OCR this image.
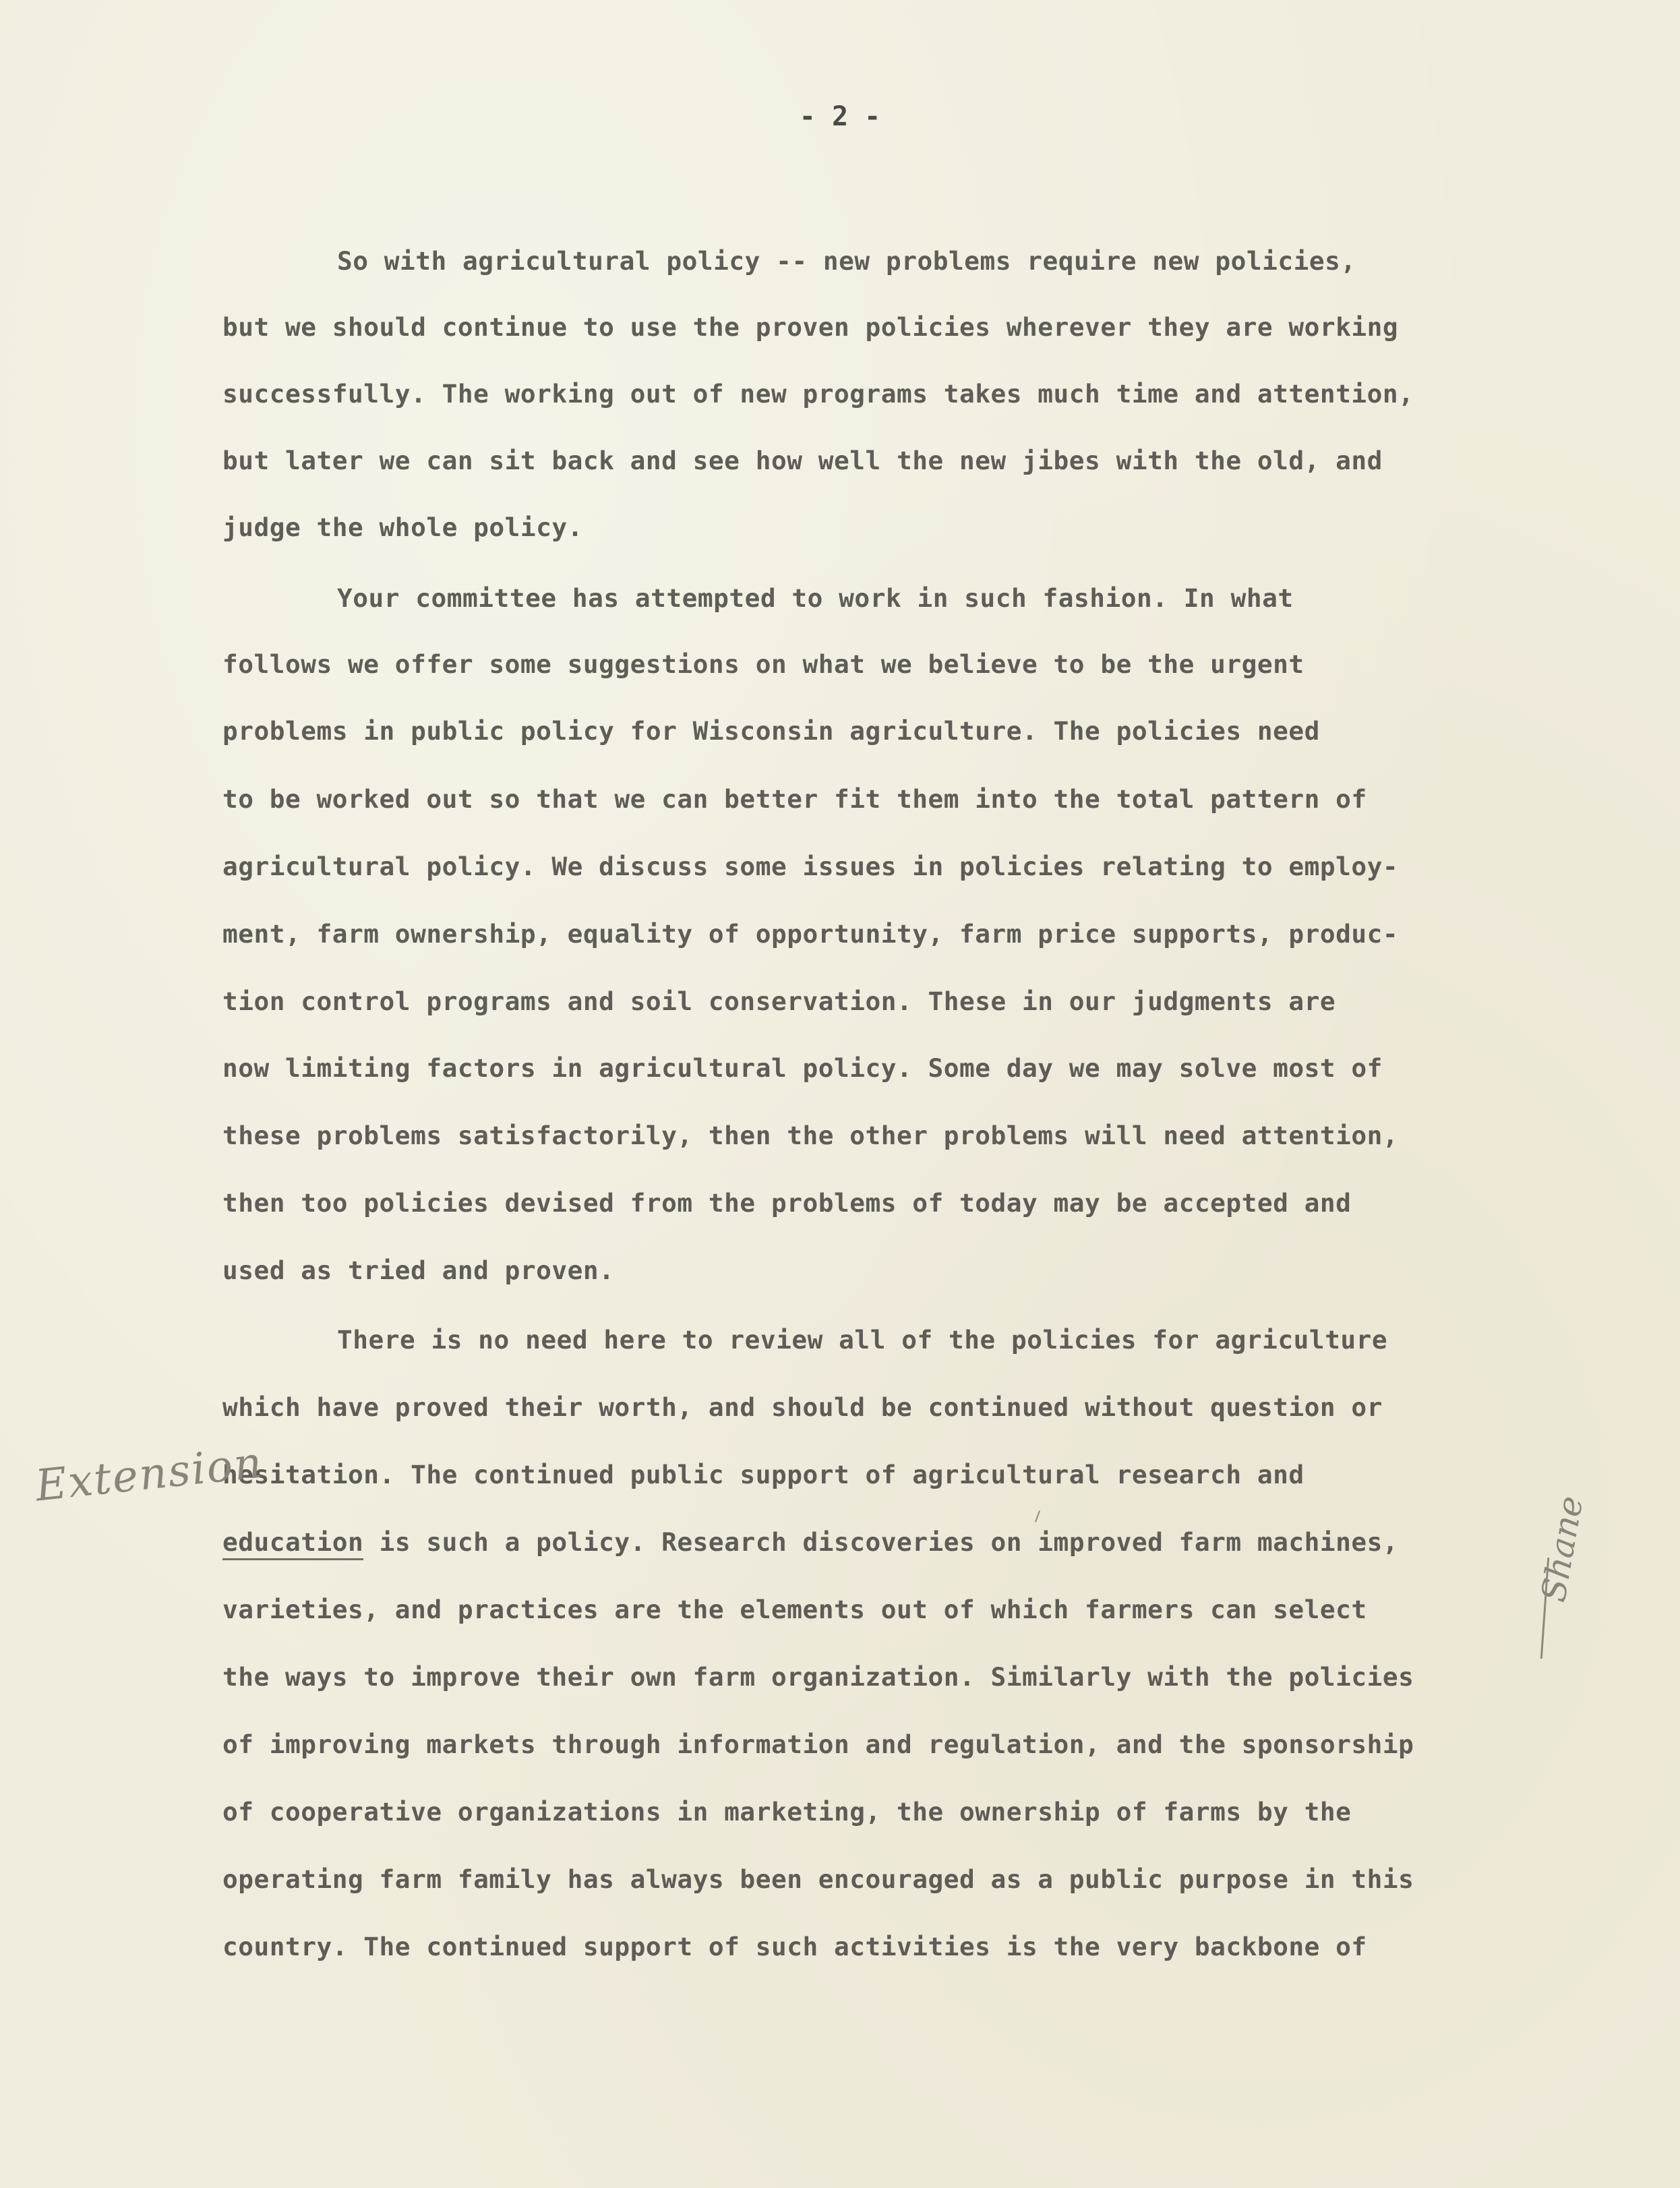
- 2 -
So with agricultural policy -- new problems require new policies,
but we should continue to use the proven policies wherever they are working
successfully. The working out of new programs takes much time and attention,
but later we can sit back and see how well the new jibes with the old, and
judge the whole policy.
Your committee has attempted to work in such fashion. In what
follows we offer some suggestions on what we believe to be the urgent
problems in public policy for Wisconsin agriculture. The policies need
to be worked out so that we can better fit them into the total pattern of
agricultural policy. We discuss some issues in policies relating to employ-
ment, farm ownership, equality of opportunity, farm price supports, produc-
tion control programs and soil conservation. These in our judgments are
now limiting factors in agricultural policy. Some day we may solve most of
these problems satisfactorily, then the other problems will need attention,
then too policies devised from the problems of today may be accepted and
used as tried and proven.
There is no need here to review all of the policies for agriculture
which have proved their worth, and should be continued without question or
hesitation. The continued public support of agricultural research and
education is such a policy. Research discoveries on improved farm machines,
varieties, and practices are the elements out of which farmers can select
the ways to improve their own farm organization. Similarly with the policies
of improving markets through information and regulation, and the sponsorship
of cooperative organizations in marketing, the ownership of farms by the
operating farm family has always been encouraged as a public purpose in this
country. The continued support of such activities is the very backbone of
Extension
Shane
